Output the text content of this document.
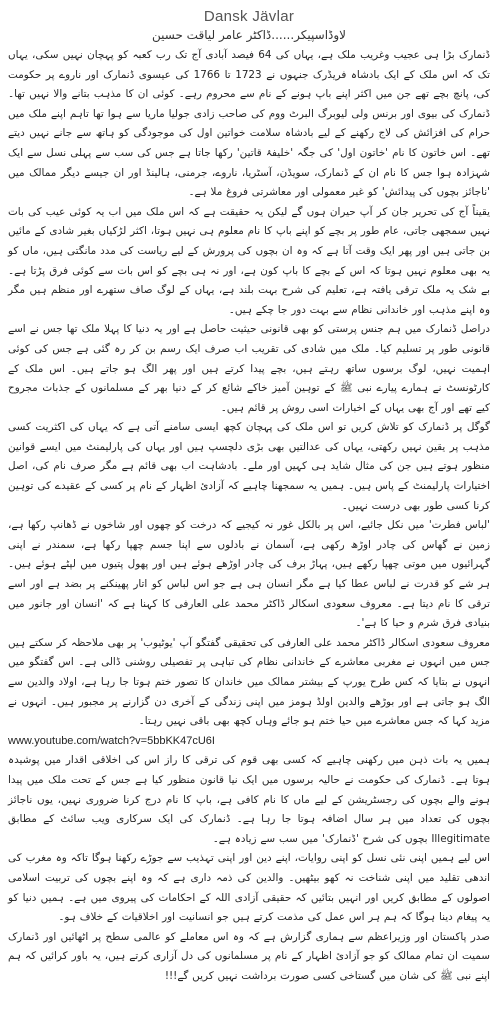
Dansk Jävlar
لاوڈاسپیکر......ڈاکٹر عامر لیاقت حسین

ڈنمارک بڑا ہی عجیب وغریب ملک ہے، یہاں کی 64 فیصد آبادی آج تک رب کعبہ کو پہچان نہیں سکی، یہاں تک کہ اس ملک کے ایک بادشاہ فریڈرک جنہوں نے 1723 تا 1766 کی عیسوی ڈنمارک اور ناروے پر حکومت کی، پانچ بچے تھے جن میں اکثر اپنے باپ ہونے کے نام سے محروم رہے۔ کوئی ان کا مذہب بتانے والا نہیں تھا۔ ڈنمارک کی بیوی اور برنس ولی لیوبرگ البرٹ ووم کی صاحب زادی جولیا ماریا سے ہوا تھا تاہم اپنے ملک میں حرام کی افزائش کی لاج رکھنے کے لیے بادشاہ سلامت خواتین اول کی موجودگی کو ہاتھ سے جانے نہیں دیتے تھے۔ اس خاتون کا نام 'خاتون اول' کی جگہ 'خلیفۂ قاتین' رکھا جاتا ہے جس کی سب سے پہلی نسل سے ایک شہزادہ ہوا جس کا نام ان کے ڈنمارک، سویڈن، آسٹریا، ناروے، جرمنی، ہالینڈ اور ان جیسے دیگر ممالک میں 'ناجائز بچوں کی پیدائش' کو غیر معمولی اور معاشرتی فروغ ملا ہے۔

یقیناً آج کی تحریر جان کر آپ حیران ہوں گے لیکن یہ حقیقت ہے کہ اس ملک میں اب یہ کوئی عیب کی بات نہیں سمجھی جاتی، عام طور پر بچے کو اپنے باپ کا نام معلوم ہی نہیں ہوتا، اکثر لڑکیاں بغیر شادی کے مائیں بن جاتی ہیں اور پھر ایک وقت آتا ہے کہ وہ ان بچوں کی پرورش کے لیے ریاست کی مدد مانگتی ہیں، ماں کو یہ بھی معلوم نہیں ہوتا کہ اس کے بچے کا باپ کون ہے، اور نہ ہی بچے کو اس بات سے کوئی فرق پڑتا ہے۔ بے شک یہ ملک ترقی یافتہ ہے، تعلیم کی شرح بہت بلند ہے، یہاں کے لوگ صاف ستھرے اور منظم ہیں مگر وہ اپنے مذہب اور خاندانی نظام سے بہت دور جا چکے ہیں۔

دراصل ڈنمارک میں ہم جنس پرستی کو بھی قانونی حیثیت حاصل ہے اور یہ دنیا کا پہلا ملک تھا جس نے اسے قانونی طور پر تسلیم کیا۔ ملک میں شادی کی تقریب اب صرف ایک رسم بن کر رہ گئی ہے جس کی کوئی اہمیت نہیں، لوگ برسوں ساتھ رہتے ہیں، بچے پیدا کرتے ہیں اور پھر الگ ہو جاتے ہیں۔ اس ملک کے کارٹونسٹ نے ہمارے پیارے نبی ﷺ کے توہین آمیز خاکے شائع کر کے دنیا بھر کے مسلمانوں کے جذبات مجروح کیے تھے اور آج بھی یہاں کے اخبارات اسی روش پر قائم ہیں۔

گوگل پر ڈنمارک کو تلاش کریں تو اس ملک کی پہچان کچھ ایسی سامنے آتی ہے کہ یہاں کی اکثریت کسی مذہب پر یقین نہیں رکھتی، یہاں کی عدالتیں بھی بڑی دلچسپ ہیں اور یہاں کی پارلیمنٹ میں ایسے قوانین منظور ہوتے ہیں جن کی مثال شاید ہی کہیں اور ملے۔ بادشاہت اب بھی قائم ہے مگر صرف نام کی، اصل اختیارات پارلیمنٹ کے پاس ہیں۔ ہمیں یہ سمجھنا چاہیے کہ آزادئ اظہار کے نام پر کسی کے عقیدے کی توہین کرنا کسی طور بھی درست نہیں۔

'لباس فطرت' میں نکل جائیے، اس پر بالکل غور نہ کیجیے کہ درخت کو چھوں اور شاخوں نے ڈھانپ رکھا ہے، زمین نے گھاس کی چادر اوڑھ رکھی ہے، آسمان نے بادلوں سے اپنا جسم چھپا رکھا ہے، سمندر نے اپنی گہرائیوں میں موتی چھپا رکھے ہیں، پہاڑ برف کی چادر اوڑھے ہوئے ہیں اور پھول پتیوں میں لپٹے ہوئے ہیں۔ ہر شے کو قدرت نے لباس عطا کیا ہے مگر انسان ہی ہے جو اس لباس کو اتار پھینکنے پر بضد ہے اور اسے ترقی کا نام دیتا ہے۔ معروف سعودی اسکالر ڈاکٹر محمد علی العارفی کا کہنا ہے کہ 'انسان اور جانور میں بنیادی فرق شرم و حیا کا ہے'۔

معروف سعودی اسکالر ڈاکٹر محمد علی العارفی کی تحقیقی گفتگو آپ 'یوٹیوب' پر بھی ملاحظہ کر سکتے ہیں جس میں انہوں نے مغربی معاشرے کے خاندانی نظام کی تباہی پر تفصیلی روشنی ڈالی ہے۔ اس گفتگو میں انہوں نے بتایا کہ کس طرح یورپ کے بیشتر ممالک میں خاندان کا تصور ختم ہوتا جا رہا ہے، اولاد والدین سے الگ ہو جاتی ہے اور بوڑھے والدین اولڈ ہومز میں اپنی زندگی کے آخری دن گزارنے پر مجبور ہیں۔ انہوں نے مزید کہا کہ جس معاشرے میں حیا ختم ہو جائے وہاں کچھ بھی باقی نہیں رہتا۔

www.youtube.com/watch?v=5bbKK47cU6I

ہمیں یہ بات ذہن میں رکھنی چاہیے کہ کسی بھی قوم کی ترقی کا راز اس کی اخلاقی اقدار میں پوشیدہ ہوتا ہے۔ ڈنمارک کی حکومت نے حالیہ برسوں میں ایک نیا قانون منظور کیا ہے جس کے تحت ملک میں پیدا ہونے والے بچوں کی رجسٹریشن کے لیے ماں کا نام کافی ہے، باپ کا نام درج کرنا ضروری نہیں، یوں ناجائز بچوں کی تعداد میں ہر سال اضافہ ہوتا جا رہا ہے۔ ڈنمارک کی ایک سرکاری ویب سائٹ کے مطابق Illegitimate بچوں کی شرح 'ڈنمارک' میں سب سے زیادہ ہے۔

اس لیے ہمیں اپنی نئی نسل کو اپنی روایات، اپنے دین اور اپنی تہذیب سے جوڑے رکھنا ہوگا تاکہ وہ مغرب کی اندھی تقلید میں اپنی شناخت نہ کھو بیٹھیں۔ والدین کی ذمہ داری ہے کہ وہ اپنے بچوں کی تربیت اسلامی اصولوں کے مطابق کریں اور انہیں بتائیں کہ حقیقی آزادی اللہ کے احکامات کی پیروی میں ہے۔ ہمیں دنیا کو یہ پیغام دینا ہوگا کہ ہم ہر اس عمل کی مذمت کرتے ہیں جو انسانیت اور اخلاقیات کے خلاف ہو۔

صدر پاکستان اور وزیراعظم سے ہماری گزارش ہے کہ وہ اس معاملے کو عالمی سطح پر اٹھائیں اور ڈنمارک سمیت ان تمام ممالک کو جو آزادئ اظہار کے نام پر مسلمانوں کی دل آزاری کرتے ہیں، یہ باور کرائیں کہ ہم اپنے نبی ﷺ کی شان میں گستاخی کسی صورت برداشت نہیں کریں گے!!!
